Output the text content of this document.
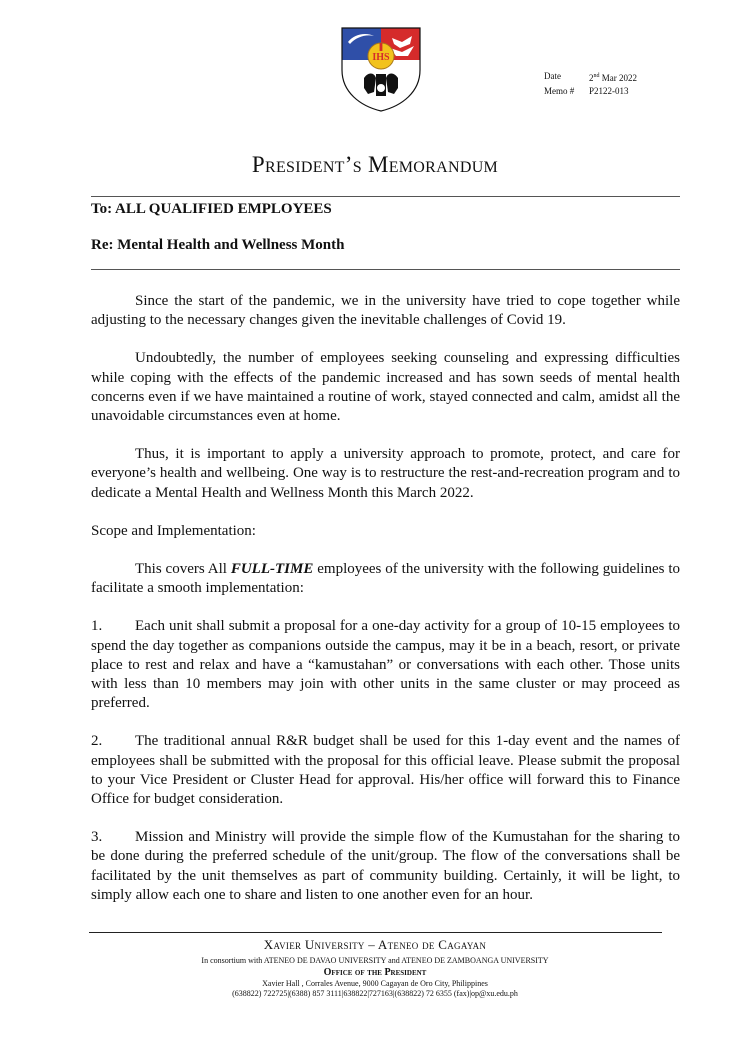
IHS
Date	2nd Mar 2022
Memo #	P2122-013
President’s Memorandum
To: ALL QUALIFIED EMPLOYEES
Re: Mental Health and Wellness Month

Since the start of the pandemic, we in the university have tried to cope together while adjusting to the necessary changes given the inevitable challenges of Covid 19.

Undoubtedly, the number of employees seeking counseling and expressing difficulties while coping with the effects of the pandemic increased and has sown seeds of mental health concerns even if we have maintained a routine of work, stayed connected and calm, amidst all the unavoidable circumstances even at home.

Thus, it is important to apply a university approach to promote, protect, and care for everyone’s health and wellbeing. One way is to restructure the rest-and-recreation program and to dedicate a Mental Health and Wellness Month this March 2022.

Scope and Implementation:

This covers All FULL-TIME employees of the university with the following guidelines to facilitate a smooth implementation:

1. Each unit shall submit a proposal for a one-day activity for a group of 10-15 employees to spend the day together as companions outside the campus, may it be in a beach, resort, or private place to rest and relax and have a “kamustahan” or conversations with each other. Those units with less than 10 members may join with other units in the same cluster or may proceed as preferred.

2. The traditional annual R&R budget shall be used for this 1-day event and the names of employees shall be submitted with the proposal for this official leave. Please submit the proposal to your Vice President or Cluster Head for approval. His/her office will forward this to Finance Office for budget consideration.

3. Mission and Ministry will provide the simple flow of the Kumustahan for the sharing to be done during the preferred schedule of the unit/group. The flow of the conversations shall be facilitated by the unit themselves as part of community building. Certainly, it will be light, to simply allow each one to share and listen to one another even for an hour.

Xavier University – Ateneo de Cagayan
In consortium with ATENEO DE DAVAO UNIVERSITY and ATENEO DE ZAMBOANGA UNIVERSITY
Office of the President
Xavier Hall , Corrales Avenue, 9000 Cagayan de Oro City, Philippines
(638822) 722725|(6388) 857 3111|638822|727163|(638822) 72 6355 (fax)|op@xu.edu.ph
